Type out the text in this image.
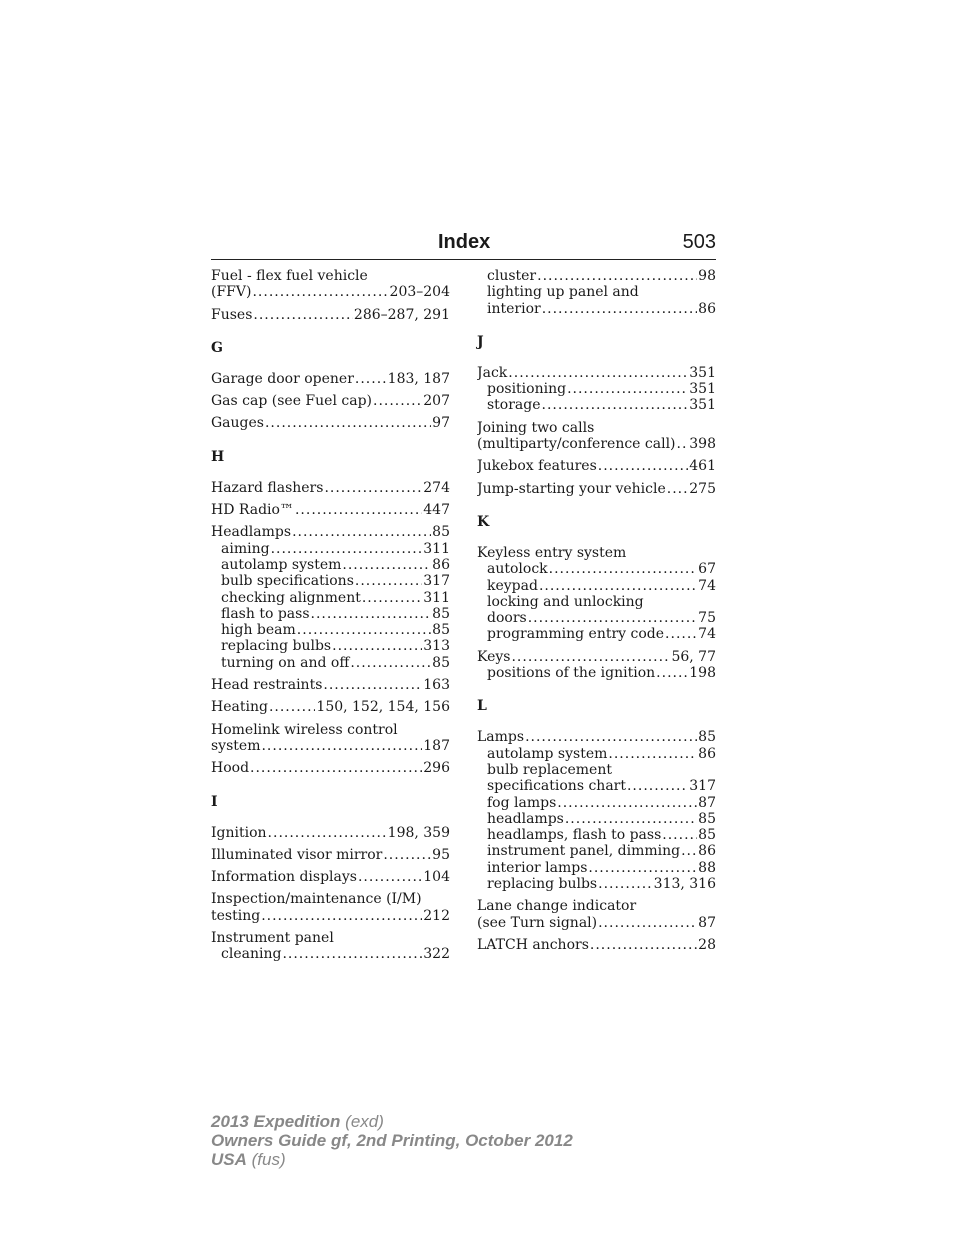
Index	503
Fuel - flex fuel vehicle
(FFV) .....	203–204
Fuses .....	286–287, 291
G
Garage door opener ..... 183, 187
Gas cap (see Fuel cap) .....	207
Gauges .....	97
H
Hazard flashers .....	274
HD Radio™ .....	447
Headlamps .....	85
aiming .....	311
autolamp system .....	86
bulb specifications .....	317
checking alignment .....	311
flash to pass .....	85
high beam .....	85
replacing bulbs .....	313
turning on and off .....	85
Head restraints .....	163
Heating .....	150, 152, 154, 156
Homelink wireless control
system .....	187
Hood .....	296
I
Ignition .....	198, 359
Illuminated visor mirror .....	95
Information displays .....	104
Inspection/maintenance (I/M)
testing .....	212
Instrument panel
cleaning .....	322
cluster .....	98
lighting up panel and
interior .....	86
J
Jack .....	351
positioning .....	351
storage .....	351
Joining two calls
(multiparty/conference call) ..... 398
Jukebox features .....	461
Jump-starting your vehicle ..... 275
K
Keyless entry system
autolock .....	67
keypad .....	74
locking and unlocking
doors .....	75
programming entry code ..... 74
Keys .....	56, 77
positions of the ignition ..... 198
L
Lamps .....	85
autolamp system .....	86
bulb replacement
specifications chart .....	317
fog lamps .....	87
headlamps .....	85
headlamps, flash to pass .....	85
instrument panel, dimming ..... 86
interior lamps .....	88
replacing bulbs .....	313, 316
Lane change indicator
(see Turn signal) .....	87
LATCH anchors .....	28
2013 Expedition (exd)
Owners Guide gf, 2nd Printing, October 2012
USA (fus)
